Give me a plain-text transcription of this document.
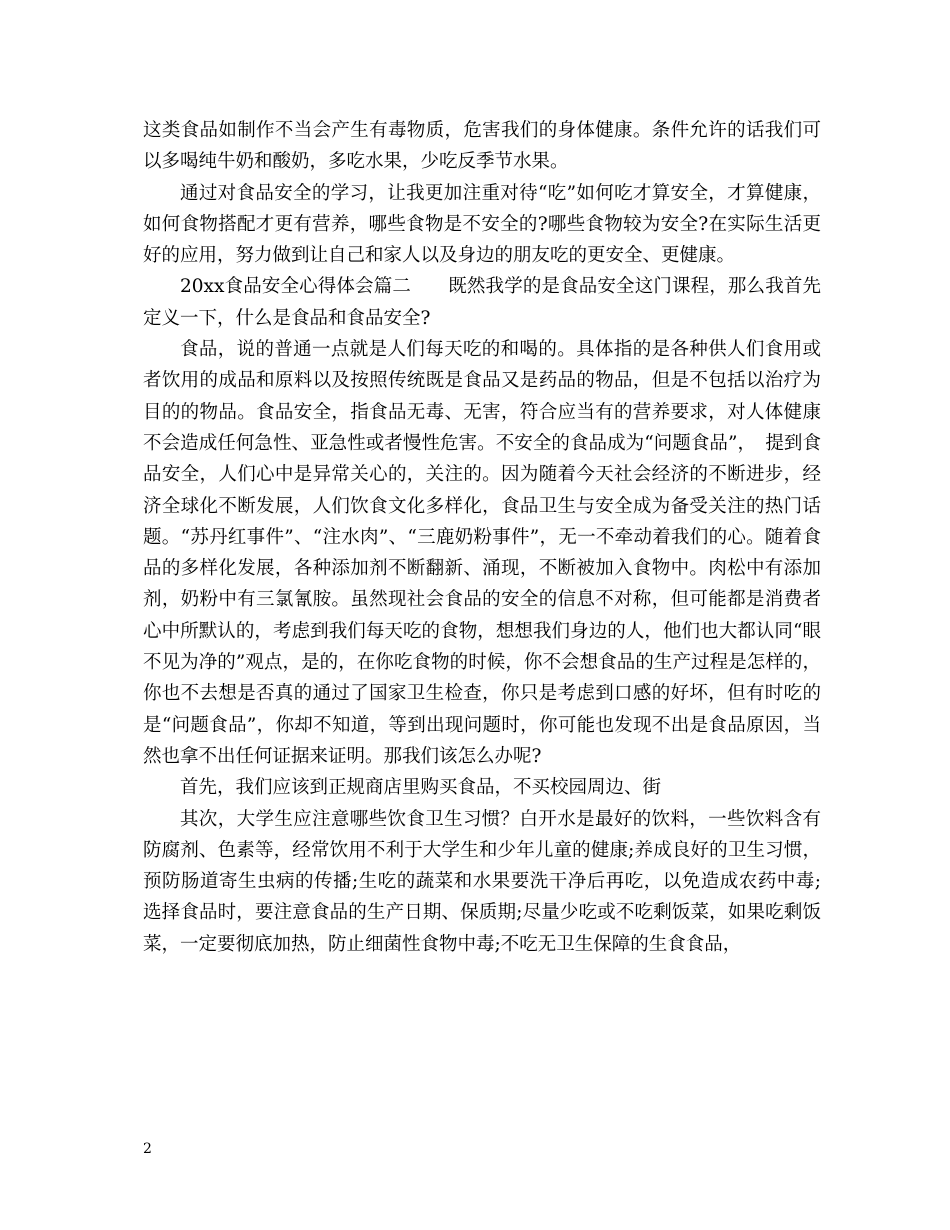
这类食品如制作不当会产生有毒物质，危害我们的身体健康。条件允许的话我们可以多喝纯牛奶和酸奶，多吃水果，少吃反季节水果。

通过对食品安全的学习，让我更加注重对待“吃”如何吃才算安全，才算健康，如何食物搭配才更有营养，哪些食物是不安全的?哪些食物较为安全?在实际生活更好的应用，努力做到让自己和家人以及身边的朋友吃的更安全、更健康。

20xx食品安全心得体会篇二　　既然我学的是食品安全这门课程，那么我首先定义一下，什么是食品和食品安全?

食品，说的普通一点就是人们每天吃的和喝的。具体指的是各种供人们食用或者饮用的成品和原料以及按照传统既是食品又是药品的物品，但是不包括以治疗为目的的物品。食品安全，指食品无毒、无害，符合应当有的营养要求，对人体健康不会造成任何急性、亚急性或者慢性危害。不安全的食品成为“问题食品”，　提到食品安全，人们心中是异常关心的，关注的。因为随着今天社会经济的不断进步，经济全球化不断发展，人们饮食文化多样化，食品卫生与安全成为备受关注的热门话题。“苏丹红事件”、“注水肉”、“三鹿奶粉事件”，无一不牵动着我们的心。随着食品的多样化发展，各种添加剂不断翻新、涌现，不断被加入食物中。肉松中有添加剂，奶粉中有三氯氰胺。虽然现社会食品的安全的信息不对称，但可能都是消费者心中所默认的，考虑到我们每天吃的食物，想想我们身边的人，他们也大都认同“眼不见为净的”观点，是的，在你吃食物的时候，你不会想食品的生产过程是怎样的，你也不去想是否真的通过了国家卫生检查，你只是考虑到口感的好坏，但有时吃的是“问题食品”，你却不知道，等到出现问题时，你可能也发现不出是食品原因，当然也拿不出任何证据来证明。那我们该怎么办呢?

首先，我们应该到正规商店里购买食品，不买校园周边、街

其次，大学生应注意哪些饮食卫生习惯？白开水是最好的饮料，一些饮料含有防腐剂、色素等，经常饮用不利于大学生和少年儿童的健康;养成良好的卫生习惯，预防肠道寄生虫病的传播;生吃的蔬菜和水果要洗干净后再吃，以免造成农药中毒;选择食品时，要注意食品的生产日期、保质期;尽量少吃或不吃剩饭菜，如果吃剩饭菜，一定要彻底加热，防止细菌性食物中毒;不吃无卫生保障的生食食品，

2
